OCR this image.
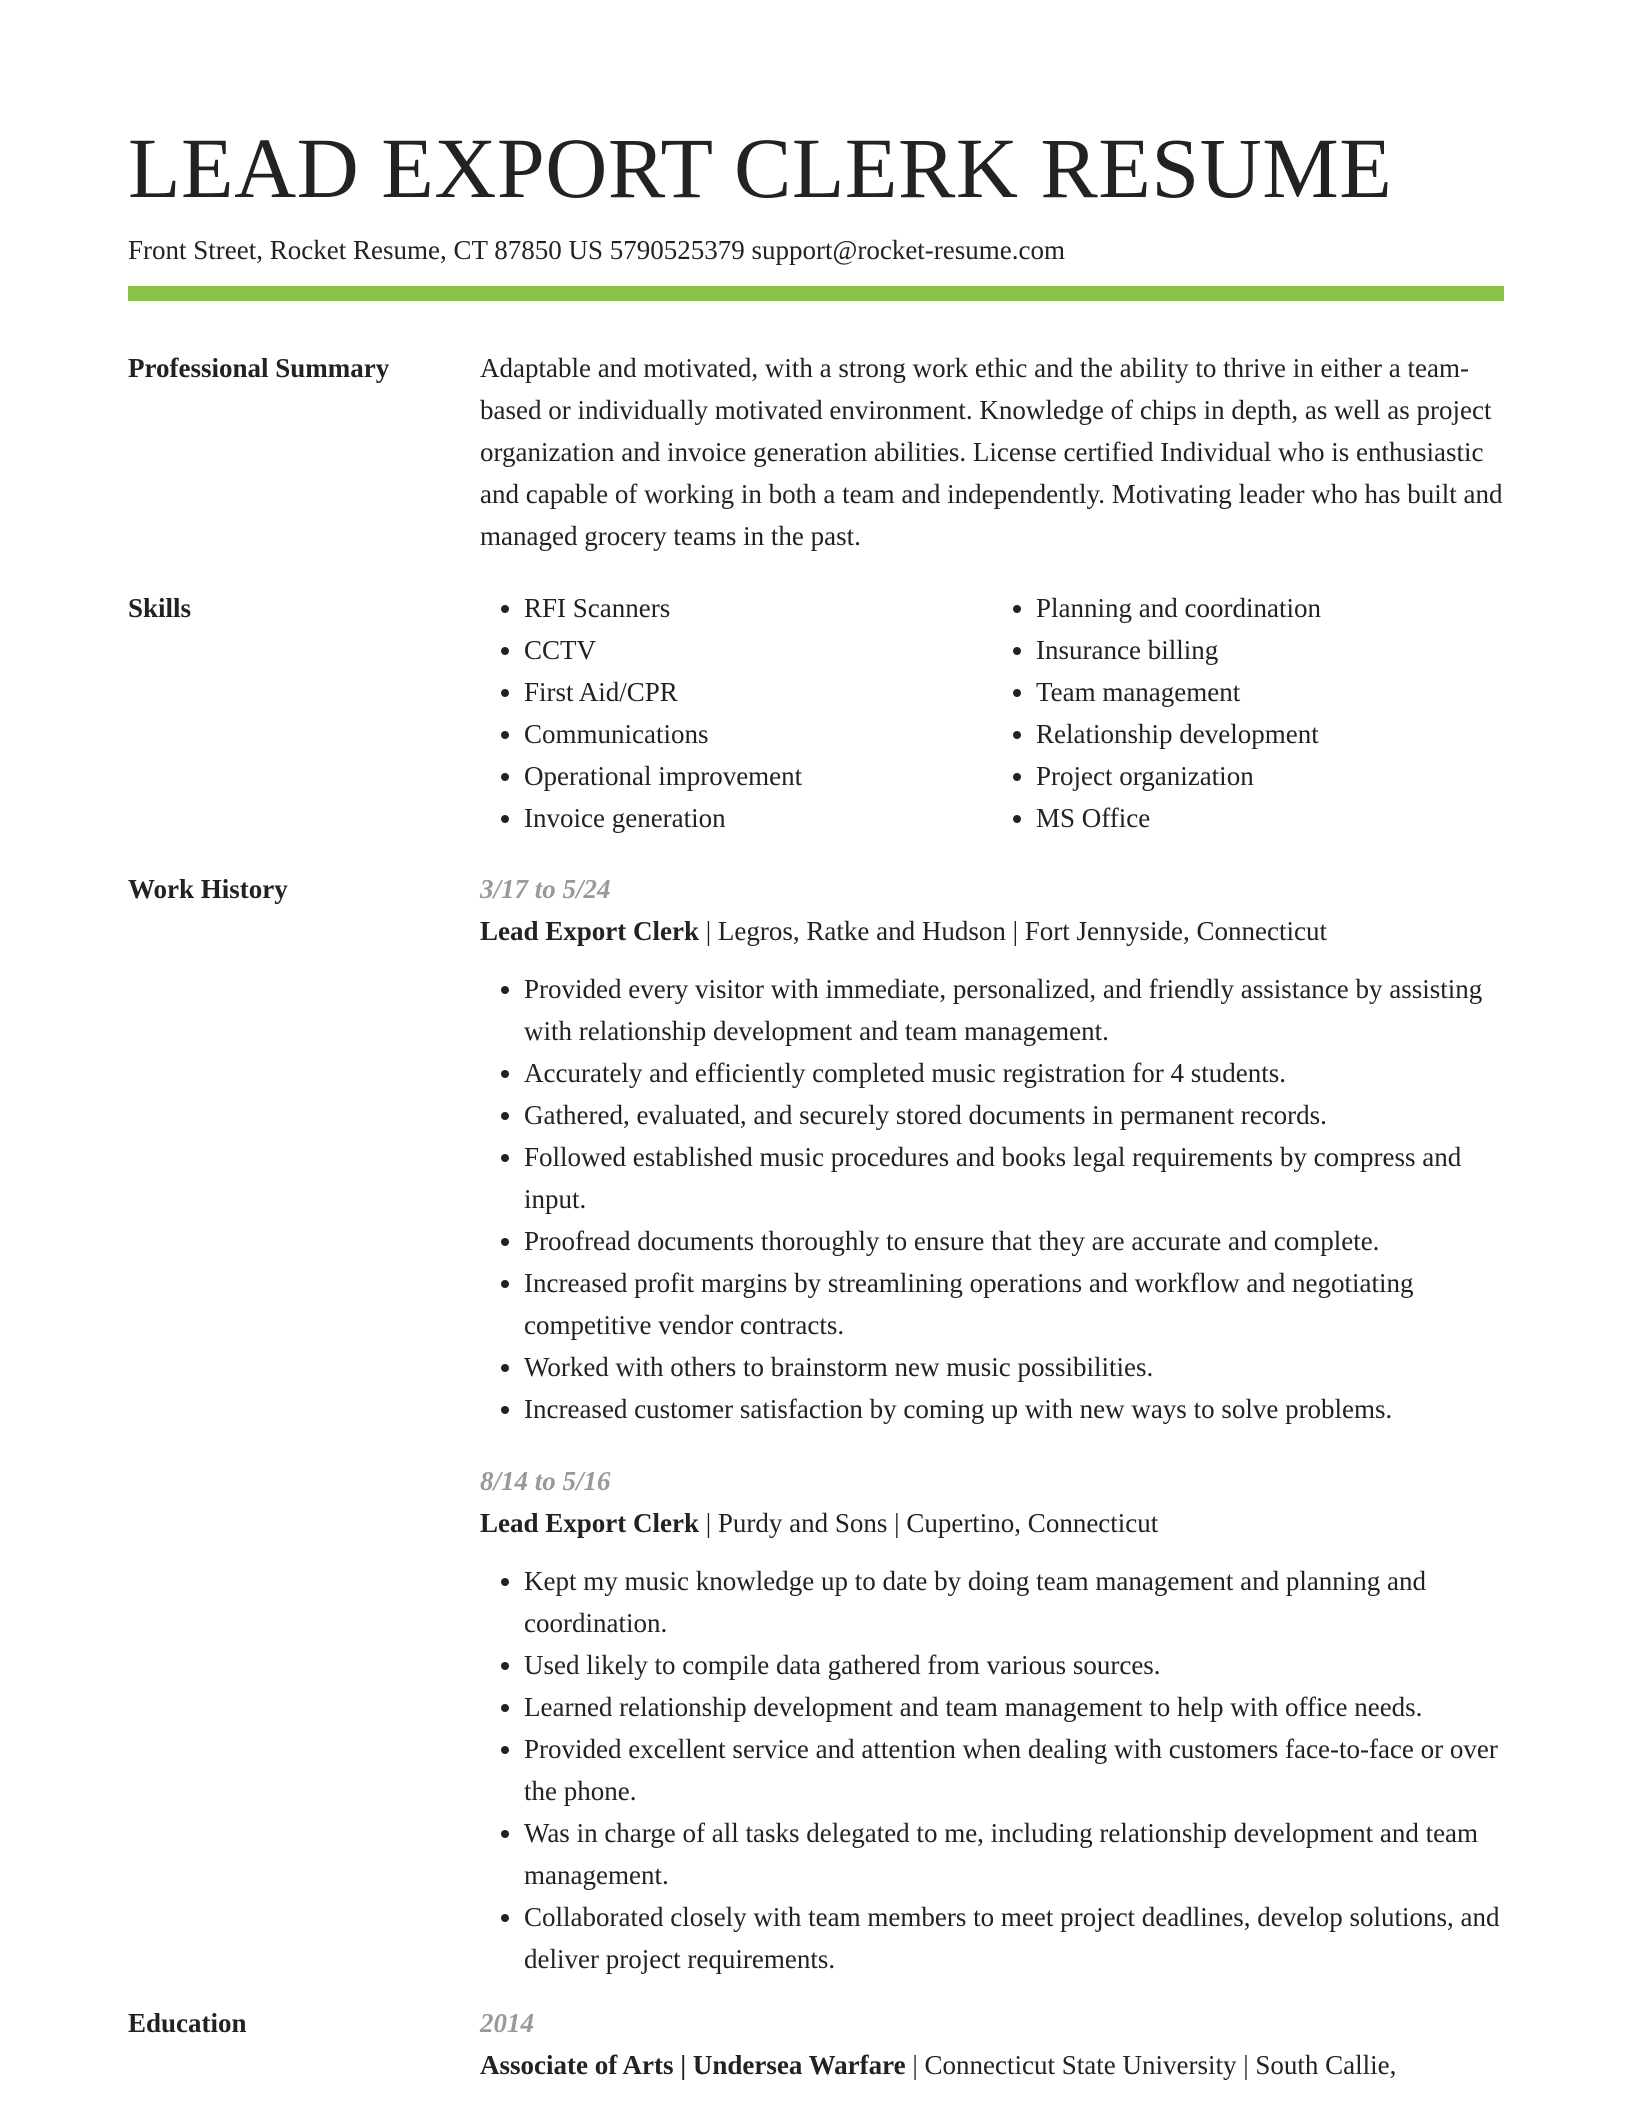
LEAD EXPORT CLERK RESUME
Front Street, Rocket Resume, CT 87850 US 5790525379 support@rocket-resume.com
Professional Summary	Adaptable and motivated, with a strong work ethic and the ability to thrive in either a team-based or individually motivated environment. Knowledge of chips in depth, as well as project organization and invoice generation abilities. License certified Individual who is enthusiastic and capable of working in both a team and independently. Motivating leader who has built and managed grocery teams in the past.

Skills
•	RFI Scanners
• CCTV
• First Aid/CPR
• Communications
• Operational improvement
• Invoice generation
• Planning and coordination
• Insurance billing
• Team management
• Relationship development
• Project organization
• MS Office
Work History	3/17 to 5/24

Lead Export Clerk | Legros, Ratke and Hudson | Fort Jennyside, Connecticut

• Provided every visitor with immediate, personalized, and friendly assistance by assisting with relationship development and team management.
• Accurately and efficiently completed music registration for 4 students.
• Gathered, evaluated, and securely stored documents in permanent records.
• Followed established music procedures and books legal requirements by compress and input.
• Proofread documents thoroughly to ensure that they are accurate and complete.
• Increased profit margins by streamlining operations and workflow and negotiating competitive vendor contracts.
• Worked with others to brainstorm new music possibilities.
• Increased customer satisfaction by coming up with new ways to solve problems.
8/14 to 5/16

Lead Export Clerk | Purdy and Sons | Cupertino, Connecticut

• Kept my music knowledge up to date by doing team management and planning and coordination.
• Used likely to compile data gathered from various sources.
• Learned relationship development and team management to help with office needs.
• Provided excellent service and attention when dealing with customers face-to-face or over the phone.
• Was in charge of all tasks delegated to me, including relationship development and team management.
• Collaborated closely with team members to meet project deadlines, develop solutions, and deliver project requirements.
Education	2014

Associate of Arts | Undersea Warfare | Connecticut State University | South Callie,
